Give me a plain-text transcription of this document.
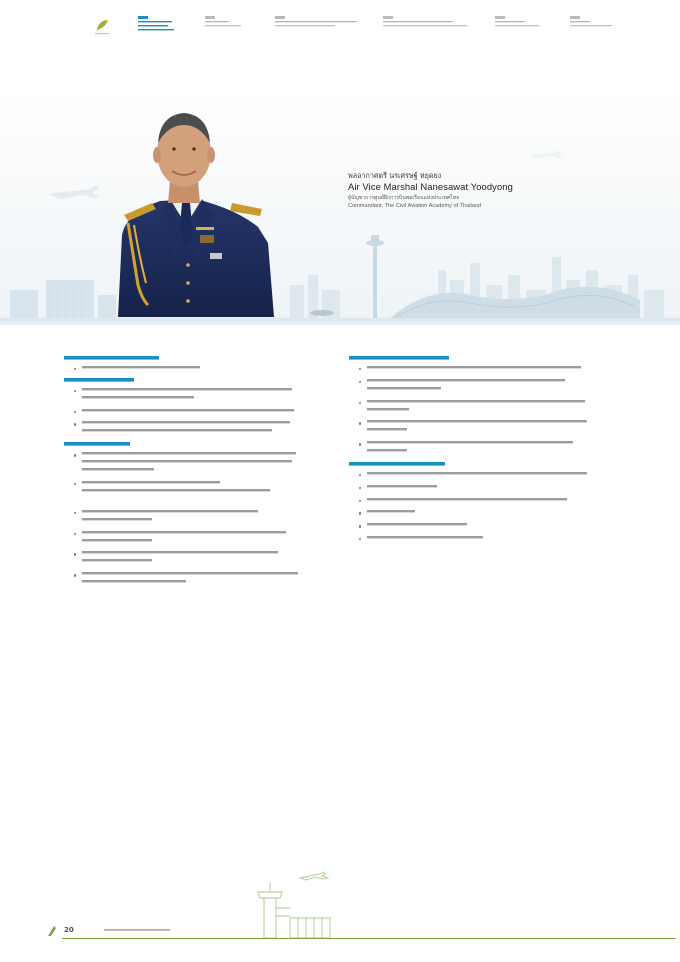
พลอากาศตรี นรเศรษฐ์ หยุดยง
Air Vice Marshal Nanesawat Yoodyong
ผู้บัญชาการศูนย์ฝึกการบินพลเรือนแห่งประเทศไทย
Commandant, The Civil Aviation Academy of Thailand
20
